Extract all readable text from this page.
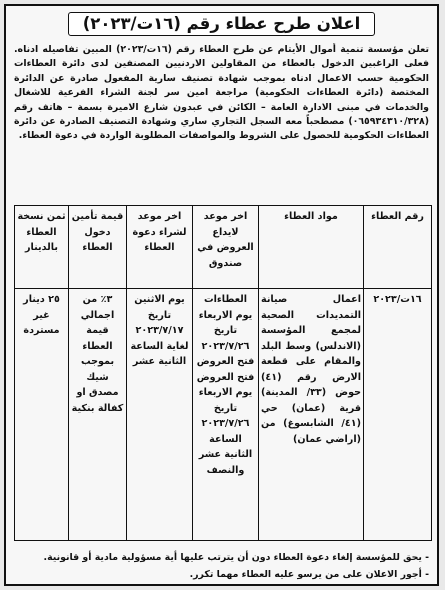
اعلان طرح عطاء رقم (١٦ت/٢٠٢٣)
تعلن مؤسسة تنمية أموال الأيتام عن طرح العطاء رقم (١٦ت/٢٠٢٣) المبين تفاصيله ادناه. فعلى الراغبين الدخول بالعطاء من المقاولين الاردنيين المصنفين لدى دائرة العطاءات الحكومية حسب الاعمال ادناه بموجب شهادة تصنيف سارية المفعول صادرة عن الدائرة المختصة (دائرة العطاءات الحكومية) مراجعة امين سر لجنة الشراء الفرعية للاشغال والخدمات في مبنى الادارة العامة – الكائن في عبدون شارع الاميرة بسمة – هاتف رقم (٠٦٥٩٣٤٣١٠/٣٢٨) مصطحباً معه السجل التجاري ساري وشهادة التصنيف الصادرة عن دائرة العطاءات الحكومية للحصول على الشروط والمواصفات المطلوبة الواردة في دعوة العطاء.
رقم العطاء	مواد العطاء	اخر موعد لايداع العروض في صندوق	اخر موعد لشراء دعوة العطاء	قيمة تأمين دخول العطاء	ثمن نسخة العطاء بالدينار
١٦ت/٢٠٢٣	اعمال صيانة التمديدات الصحية لمجمع المؤسسة (الاندلس) وسط البلد والمقام على قطعة الارض رقم (٤١) حوض (٣٣/ المدينة) قرية (عمان) حي (٤١/ الشابسوغ) من (اراضي عمان)	العطاءات يوم الاربعاء تاريخ ٢٠٢٣/٧/٢٦ فتح العروض فتح العروض يوم الاربعاء تاريخ ٢٠٢٣/٧/٢٦ الساعة الثانية عشر والنصف	يوم الاثنين تاريخ ٢٠٢٣/٧/١٧ لغاية الساعة الثانية عشر	٣٪ من اجمالي قيمة العطاء بموجب شيك مصدق او كفالة بنكية	٢٥ دينار غير مستردة
- يحق للمؤسسة إلغاء دعوة العطاء دون أن يترتب عليها أية مسؤولية مادية أو قانونية.
- أجور الاعلان على من يرسو عليه العطاء مهما تكرر.
